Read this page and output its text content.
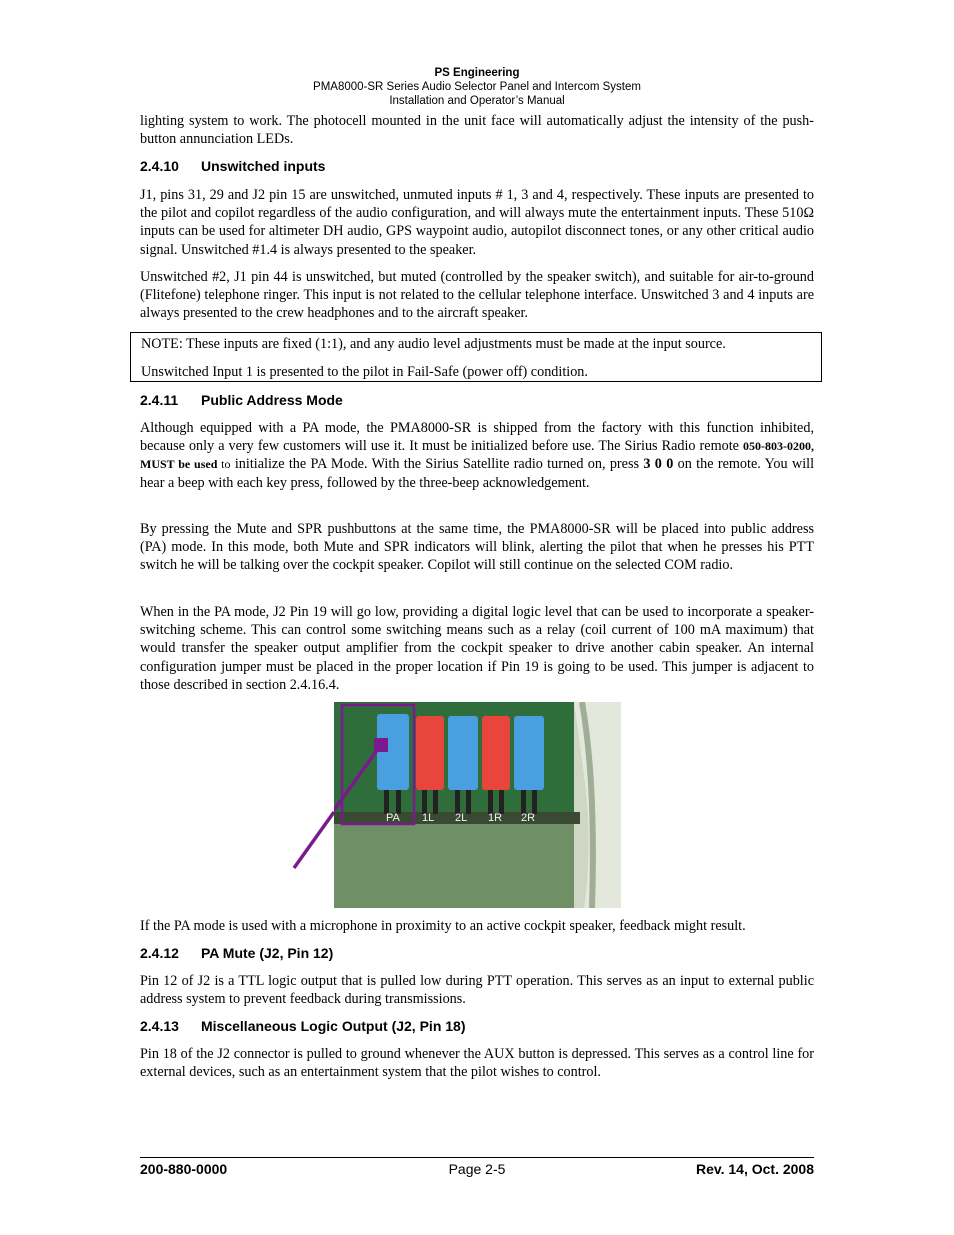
PS Engineering
PMA8000-SR Series Audio Selector Panel and Intercom System
Installation and Operator’s Manual

lighting system to work. The photocell mounted in the unit face will automatically adjust the intensity of the push-button annunciation LEDs.

2.4.10 Unswitched inputs

J1, pins 31, 29 and J2 pin 15 are unswitched, unmuted inputs # 1, 3 and 4, respectively. These inputs are presented to the pilot and copilot regardless of the audio configuration, and will always mute the entertainment inputs. These 510Ω inputs can be used for altimeter DH audio, GPS waypoint audio, autopilot disconnect tones, or any other critical audio signal. Unswitched #1.4 is always presented to the speaker.

Unswitched #2, J1 pin 44 is unswitched, but muted (controlled by the speaker switch), and suitable for air-to-ground (Flitefone) telephone ringer. This input is not related to the cellular telephone interface. Unswitched 3 and 4 inputs are always presented to the crew headphones and to the aircraft speaker.

NOTE: These inputs are fixed (1:1), and any audio level adjustments must be made at the input source.
Unswitched Input 1 is presented to the pilot in Fail-Safe (power off) condition.
2.4.11 Public Address Mode

Although equipped with a PA mode, the PMA8000-SR is shipped from the factory with this function inhibited, because only a very few customers will use it. It must be initialized before use. The Sirius Radio remote 050-803-0200, MUST be used to initialize the PA Mode. With the Sirius Satellite radio turned on, press 3 0 0 on the remote. You will hear a beep with each key press, followed by the three-beep acknowledgement.

By pressing the Mute and SPR pushbuttons at the same time, the PMA8000-SR will be placed into public address (PA) mode. In this mode, both Mute and SPR indicators will blink, alerting the pilot that when he presses his PTT switch he will be talking over the cockpit speaker. Copilot will still continue on the selected COM radio.

When in the PA mode, J2 Pin 19 will go low, providing a digital logic level that can be used to incorporate a speaker-switching scheme. This can control some switching means such as a relay (coil current of 100 mA maximum) that would transfer the speaker output amplifier from the cockpit speaker to drive another cabin speaker. An internal configuration jumper must be placed in the proper location if Pin 19 is going to be used. This jumper is adjacent to those described in section 2.4.16.4.

PA 1L 2L 1R 2R

If the PA mode is used with a microphone in proximity to an active cockpit speaker, feedback might result.

2.4.12 PA Mute (J2, Pin 12)

Pin 12 of J2 is a TTL logic output that is pulled low during PTT operation. This serves as an input to external public address system to prevent feedback during transmissions.

2.4.13 Miscellaneous Logic Output (J2, Pin 18)

Pin 18 of the J2 connector is pulled to ground whenever the AUX button is depressed. This serves as a control line for external devices, such as an entertainment system that the pilot wishes to control.

200-880-0000	Page 2-5	Rev. 14, Oct. 2008
